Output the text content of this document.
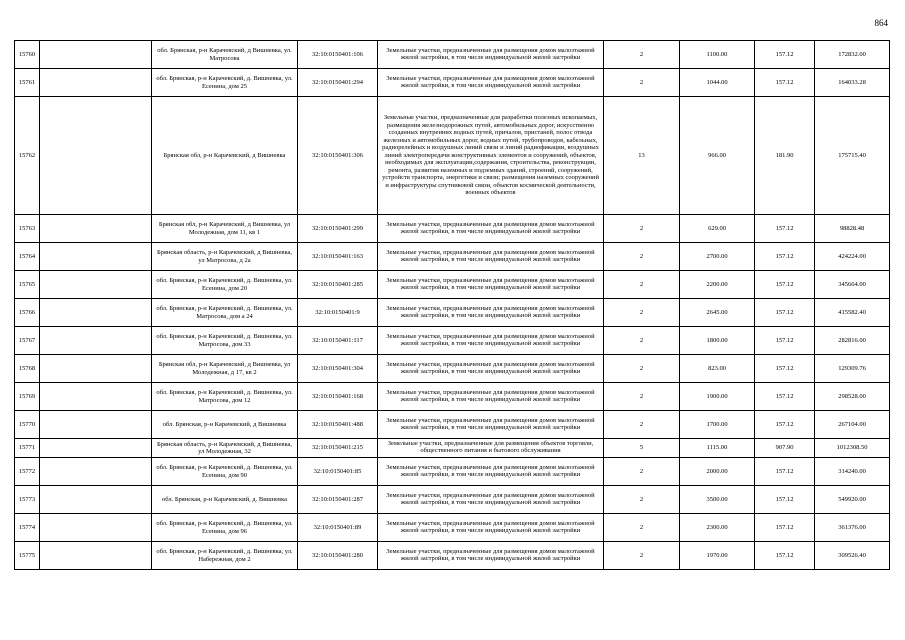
864
15760		обл. Брянская, р-н Карачевский, д Вишневка, ул. Матросова	32:10:0150401:106	Земельные участки, предназначенные для размещения домов малоэтажной жилой застройки, в том числе индивидуальной жилой застройки	2	1100.00	157.12	172832.00
15761		обл. Брянская, р-н Карачевский, д. Вишневка, ул. Есенина, дом 25	32:10:0150401:294	Земельные участки, предназначенные для размещения домов малоэтажной жилой застройки, в том числе индивидуальной жилой застройки	2	1044.00	157.12	164033.28
15762		Брянская обл, р-н Карачевский, д Вишневка	32:10:0150401:306	Земельные участки, предназначенные для разработки полезных ископаемых, размещения железнодорожных путей, автомобильных дорог, искусственно созданных внутренних водных путей, причалов, пристаней, полос отвода железных и автомобильных дорог, водных путей, трубопроводов, кабельных, радиорелейных и воздушных линий связи и линий радиофикации, воздушных линий электропередачи конструктивных элементов и сооружений, объектов, необходимых для эксплуатации,содержания, строительства, реконструкции, ремонта, развития наземных и подземных зданий, строений, сооружений, устройств транспорта, энергетики и связи; размещения наземных сооружений и инфраструктуры спутниковой связи, объектов космической деятельности, военных объектов	13	966.00	181.90	175715.40
15763		Брянская обл, р-н Карачевский, д Вишневка, ул Молодежная, дом 11, кв 1	32:10:0150401:299	Земельные участки, предназначенные для размещения домов малоэтажной жилой застройки, в том числе индивидуальной жилой застройки	2	629.00	157.12	98828.48
15764		Брянская область, р-н Карачевский, д Вишневка, ул Матросова, д 2а	32:10:0150401:163	Земельные участки, предназначенные для размещения домов малоэтажной жилой застройки, в том числе индивидуальной жилой застройки	2	2700.00	157.12	424224.00
15765		обл. Брянская, р-н Карачевский, д. Вишневка, ул. Есенина, дом 20	32:10:0150401:285	Земельные участки, предназначенные для размещения домов малоэтажной жилой застройки, в том числе индивидуальной жилой застройки	2	2200.00	157.12	345664.00
15766		обл. Брянская, р-н Карачевский, д. Вишневка, ул. Матросова, дом а 24	32:10:0150401:9	Земельные участки, предназначенные для размещения домов малоэтажной жилой застройки, в том числе индивидуальной жилой застройки	2	2645.00	157.12	415582.40
15767		обл. Брянская, р-н Карачевский, д. Вишневка, ул. Матросова, дом 33	32:10:0150401:117	Земельные участки, предназначенные для размещения домов малоэтажной жилой застройки, в том числе индивидуальной жилой застройки	2	1800.00	157.12	282816.00
15768		Брянская обл, р-н Карачевский, д Вишневка, ул Молодежная, д 17, кв 2	32:10:0150401:304	Земельные участки, предназначенные для размещения домов малоэтажной жилой застройки, в том числе индивидуальной жилой застройки	2	823.00	157.12	129309.76
15769		обл. Брянская, р-н Карачевский, д. Вишневка, ул. Матросова, дом 12	32:10:0150401:168	Земельные участки, предназначенные для размещения домов малоэтажной жилой застройки, в том числе индивидуальной жилой застройки	2	1900.00	157.12	298528.00
15770		обл. Брянская, р-н Карачевский, д Вишневка	32:10:0150401:488	Земельные участки, предназначенные для размещения домов малоэтажной жилой застройки, в том числе индивидуальной жилой застройки	2	1700.00	157.12	267104.00
15771		Брянская область, р-н Карачевский, д Вишневка, ул Молодежная, 32	32:10:0150401:215	Земельные участки, предназначенные для размещения объектов торговли, общественного питания и бытового обслуживания	5	1115.00	907.90	1012308.50
15772		обл. Брянская, р-н Карачевский, д. Вишневка, ул. Есенина, дом 90	32:10:0150401:85	Земельные участки, предназначенные для размещения домов малоэтажной жилой застройки, в том числе индивидуальной жилой застройки	2	2000.00	157.12	314240.00
15773		обл. Брянская, р-н Карачевский, д. Вишневка	32:10:0150401:287	Земельные участки, предназначенные для размещения домов малоэтажной жилой застройки, в том числе индивидуальной жилой застройки	2	3500.00	157.12	549920.00
15774		обл. Брянская, р-н Карачевский, д. Вишневка, ул. Есенина, дом 96	32:10:0150401:89	Земельные участки, предназначенные для размещения домов малоэтажной жилой застройки, в том числе индивидуальной жилой застройки	2	2300.00	157.12	361376.00
15775		обл. Брянская, р-н Карачевский, д. Вишневка, ул. Набережная, дом 2	32:10:0150401:280	Земельные участки, предназначенные для размещения домов малоэтажной жилой застройки, в том числе индивидуальной жилой застройки	2	1970.00	157.12	309526.40
